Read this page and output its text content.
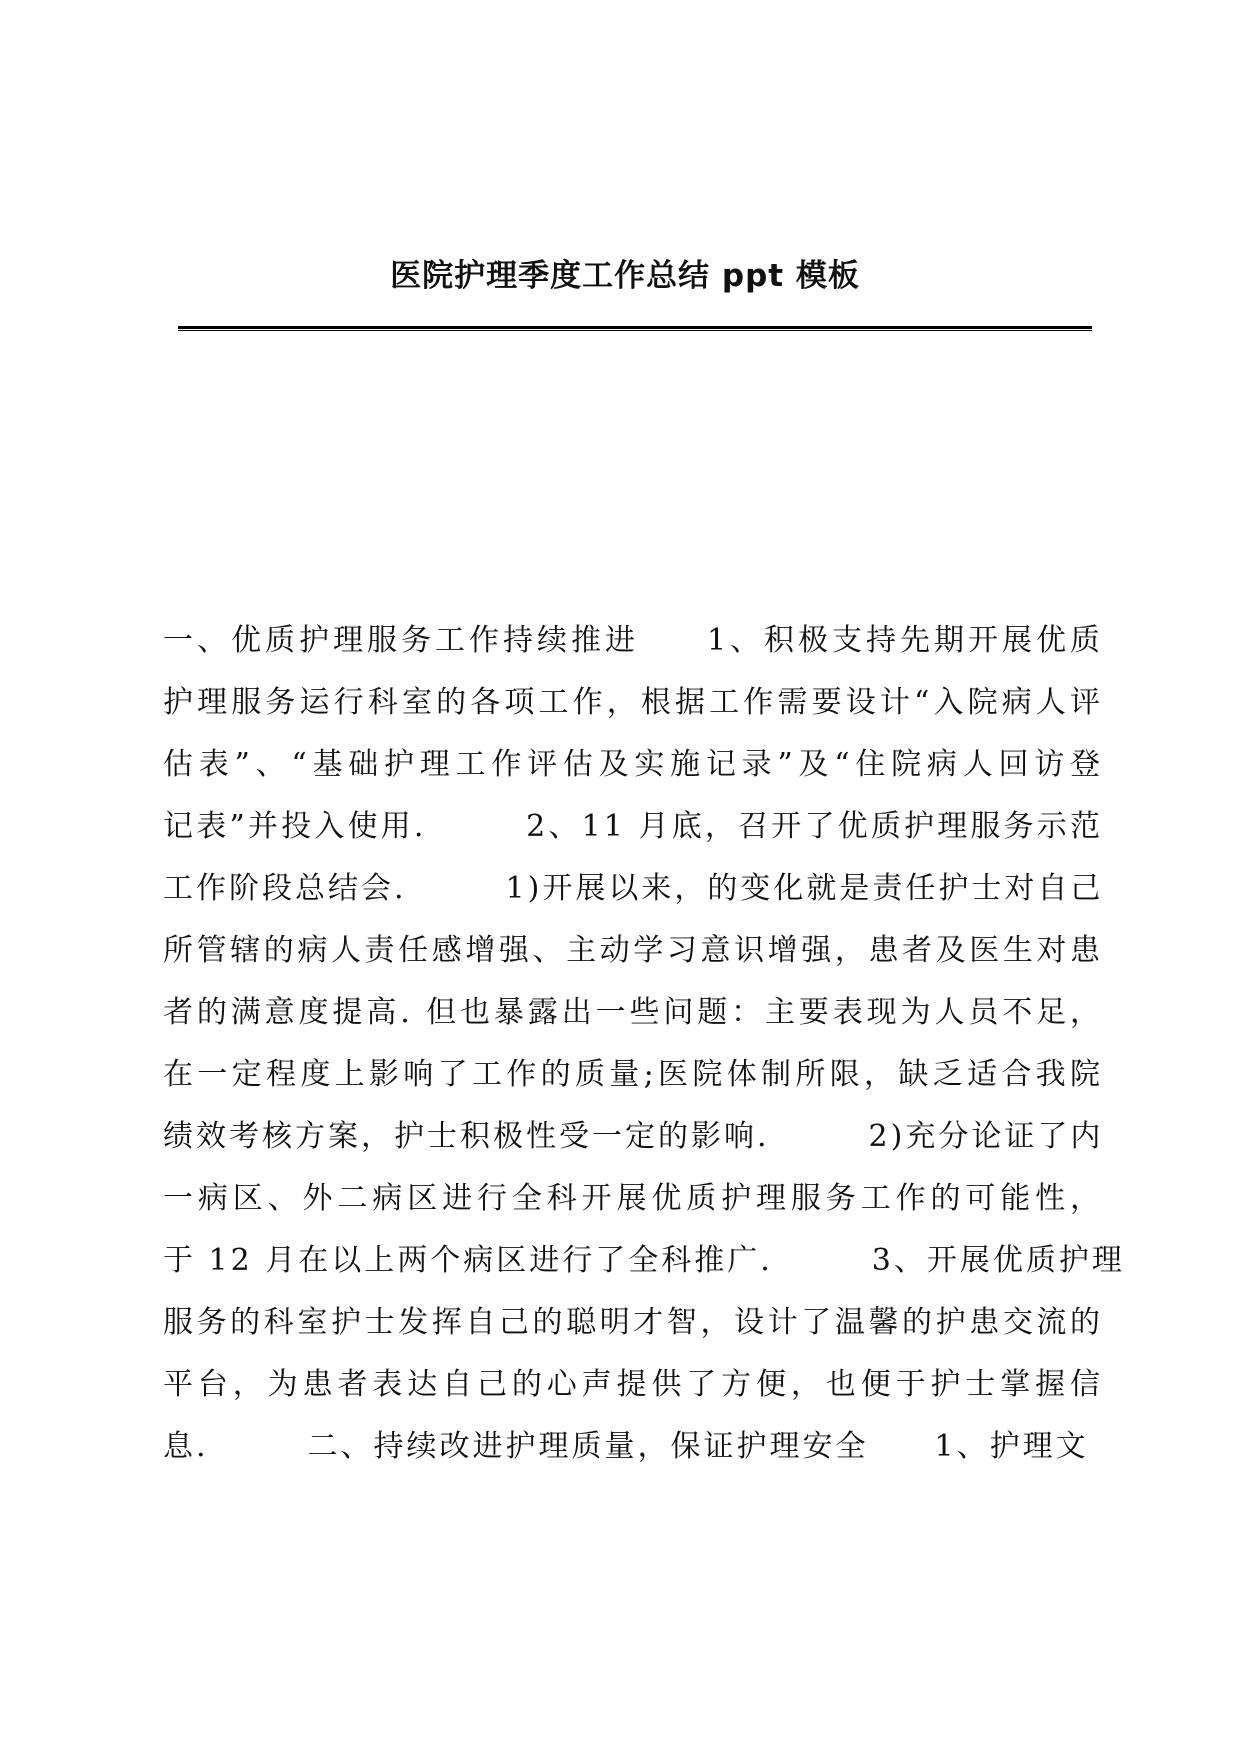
医院护理季度工作总结 ppt 模板
一、优质护理服务工作持续推进　　1、积极支持先期开展优质
护理服务运行科室的各项工作，根据工作需要设计“入院病人评
估表”、“基础护理工作评估及实施记录”及“住院病人回访登
记表”并投入使用.　　　2、11 月底，召开了优质护理服务示范
工作阶段总结会.　　　1)开展以来，的变化就是责任护士对自己
所管辖的病人责任感增强、主动学习意识增强，患者及医生对患
者的满意度提高. 但也暴露出一些问题：主要表现为人员不足，
在一定程度上影响了工作的质量;医院体制所限，缺乏适合我院
绩效考核方案，护士积极性受一定的影响.　　　2)充分论证了内
一病区、外二病区进行全科开展优质护理服务工作的可能性，
于 12 月在以上两个病区进行了全科推广.　　　3、开展优质护理
服务的科室护士发挥自己的聪明才智，设计了温馨的护患交流的
平台，为患者表达自己的心声提供了方便，也便于护士掌握信
息.　　　二、持续改进护理质量，保证护理安全　　1、护理文
